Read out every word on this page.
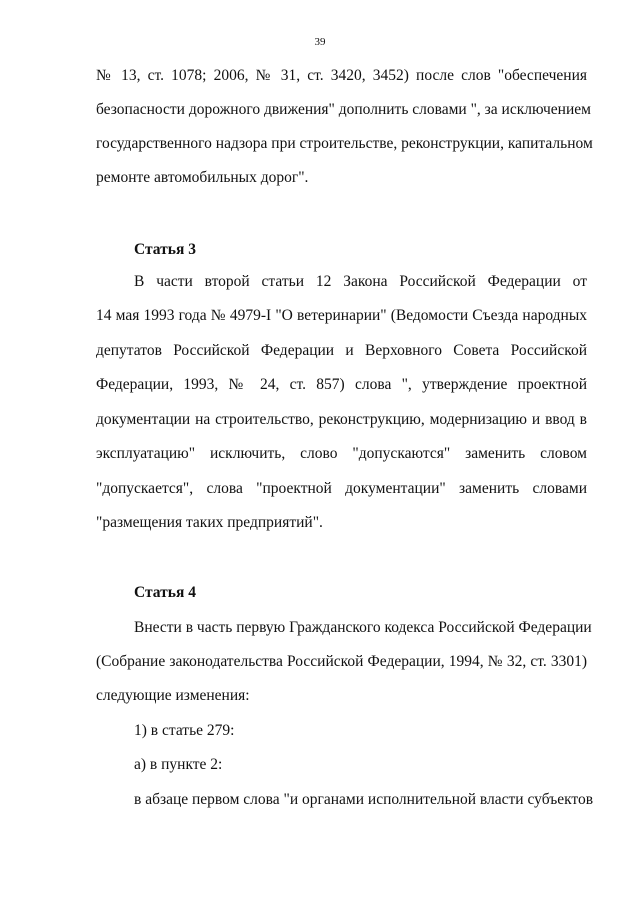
39
№ 13, ст. 1078; 2006, № 31, ст. 3420, 3452) после слов "обеспечения
безопасности дорожного движения" дополнить словами ", за исключением
государственного надзора при строительстве, реконструкции, капитальном
ремонте автомобильных дорог".
Статья 3
В части второй статьи 12 Закона Российской Федерации от
14 мая 1993 года № 4979-I "О ветеринарии" (Ведомости Съезда народных
депутатов Российской Федерации и Верховного Совета Российской
Федерации, 1993, № 24, ст. 857) слова ", утверждение проектной
документации на строительство, реконструкцию, модернизацию и ввод в
эксплуатацию" исключить, слово "допускаются" заменить словом
"допускается", слова "проектной документации" заменить словами
"размещения таких предприятий".
Статья 4
Внести в часть первую Гражданского кодекса Российской Федерации
(Собрание законодательства Российской Федерации, 1994, № 32, ст. 3301)
следующие изменения:
1) в статье 279:
а) в пункте 2:
в абзаце первом слова "и органами исполнительной власти субъектов
